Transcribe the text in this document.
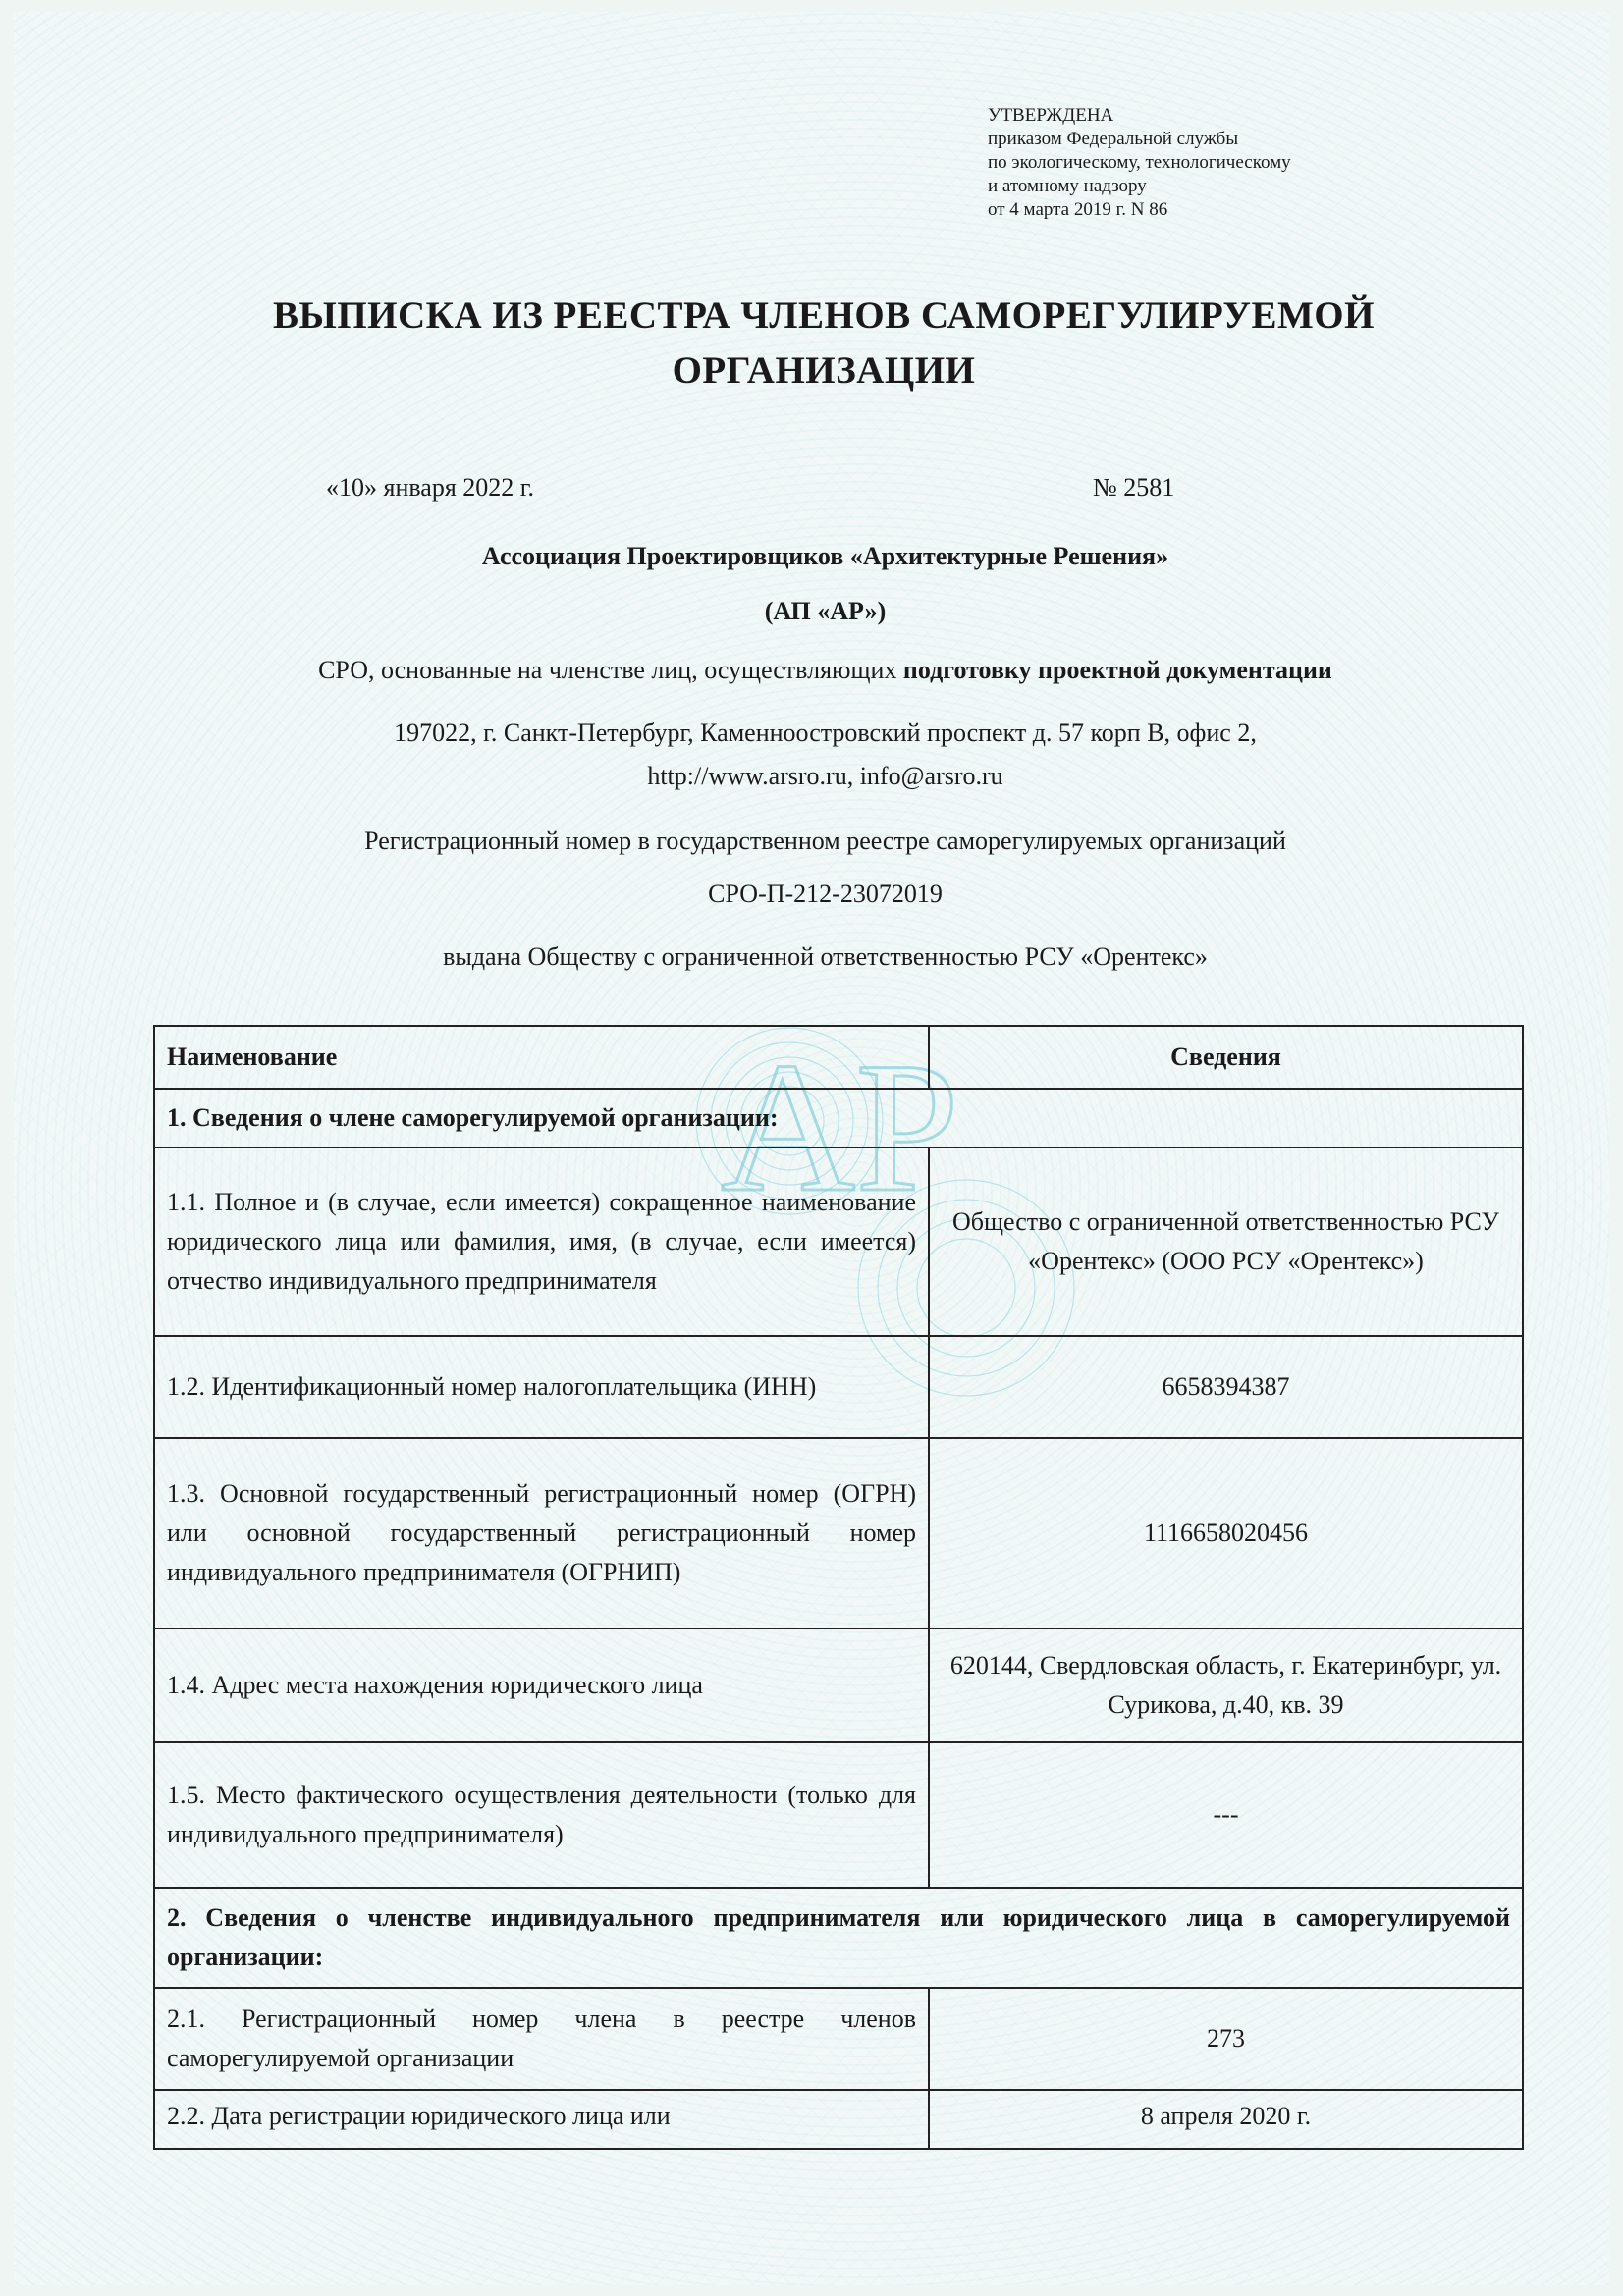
АР
УТВЕРЖДЕНА
приказом Федеральной службы
по экологическому, технологическому
и атомному надзору
от 4 марта 2019 г. N 86
ВЫПИСКА ИЗ РЕЕСТРА ЧЛЕНОВ САМОРЕГУЛИРУЕМОЙ
ОРГАНИЗАЦИИ
«10» января 2022 г.	№ 2581
Ассоциация Проектировщиков «Архитектурные Решения»
(АП «АР»)
СРО, основанные на членстве лиц, осуществляющих подготовку проектной документации
197022, г. Санкт-Петербург, Каменноостровский проспект д. 57 корп В, офис 2,
http://www.arsro.ru, info@arsro.ru
Регистрационный номер в государственном реестре саморегулируемых организаций
СРО-П-212-23072019
выдана Обществу с ограниченной ответственностью РСУ «Орентекс»
Наименование	Сведения
1. Сведения о члене саморегулируемой организации:	
1.1. Полное и (в случае, если имеется) сокращенное наименование юридического лица или фамилия, имя, (в случае, если имеется) отчество индивидуального предпринимателя	Общество с ограниченной ответственностью РСУ «Орентекс» (ООО РСУ «Орентекс»)
1.2. Идентификационный номер налогоплательщика (ИНН)	6658394387
1.3. Основной государственный регистрационный номер (ОГРН) или основной государственный регистрационный номер индивидуального предпринимателя (ОГРНИП)	1116658020456
1.4. Адрес места нахождения юридического лица	620144, Свердловская область, г. Екатеринбург, ул. Сурикова, д.40, кв. 39
1.5. Место фактического осуществления деятельности (только для индивидуального предпринимателя)	---
2. Сведения о членстве индивидуального предпринимателя или юридического лица в саморегулируемой организации:	
2.1. Регистрационный номер члена в реестре членов саморегулируемой организации	273
2.2. Дата регистрации юридического лица или	8 апреля 2020 г.
